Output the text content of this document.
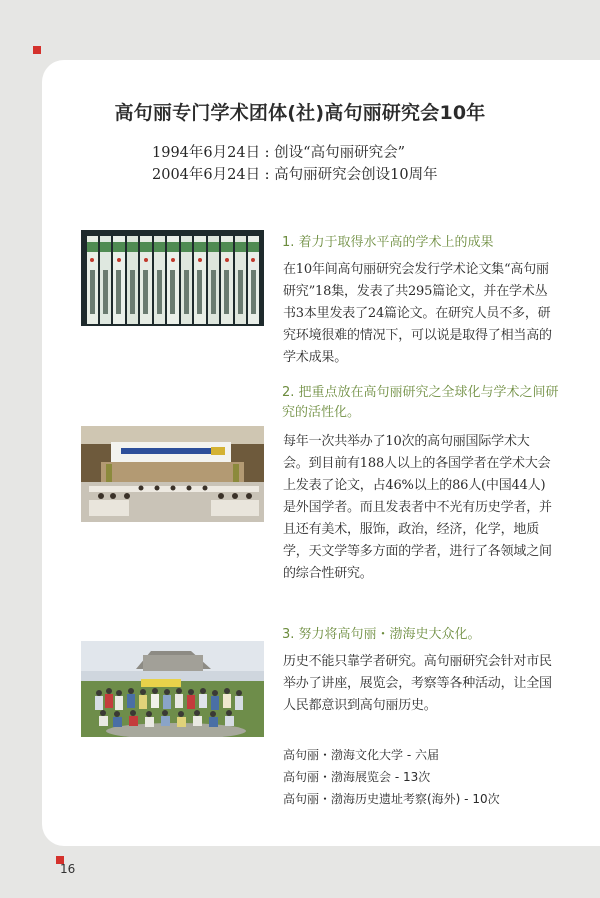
高句丽专门学术团体(社)高句丽研究会10年
1994年6月24日 : 创设“高句丽研究会”
2004年6月24日 : 高句丽研究会创设10周年

1. 着力于取得水平高的学术上的成果

在10年间高句丽研究会发行学术论文集“高句丽研究”18集，发表了共295篇论文，并在学术丛书3本里发表了24篇论文。在研究人员不多，研究环境很难的情况下，可以说是取得了相当高的学术成果。

2. 把重点放在高句丽研究之全球化与学术之间研究的活性化。

每年一次共举办了10次的高句丽国际学术大会。到目前有188人以上的各国学者在学术大会上发表了论文，占46%以上的86人(中国44人)是外国学者。而且发表者中不光有历史学者，并且还有美术，服饰，政治，经济，化学，地质学，天文学等多方面的学者，进行了各领域之间的综合性研究。

3. 努力将高句丽・渤海史大众化。

历史不能只靠学者研究。高句丽研究会针对市民举办了讲座，展览会，考察等各种活动，让全国人民都意识到高句丽历史。

高句丽・渤海文化大学 - 六届
高句丽・渤海展览会 - 13次
高句丽・渤海历史遗址考察(海外) - 10次
16
